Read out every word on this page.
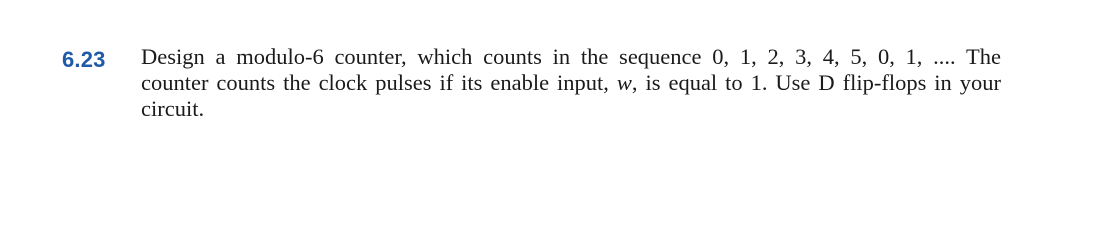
6.23 Design a modulo-6 counter, which counts in the sequence 0, 1, 2, 3, 4, 5, 0, 1, .... The
counter counts the clock pulses if its enable input, w, is equal to 1. Use D flip-flops in your
circuit.
